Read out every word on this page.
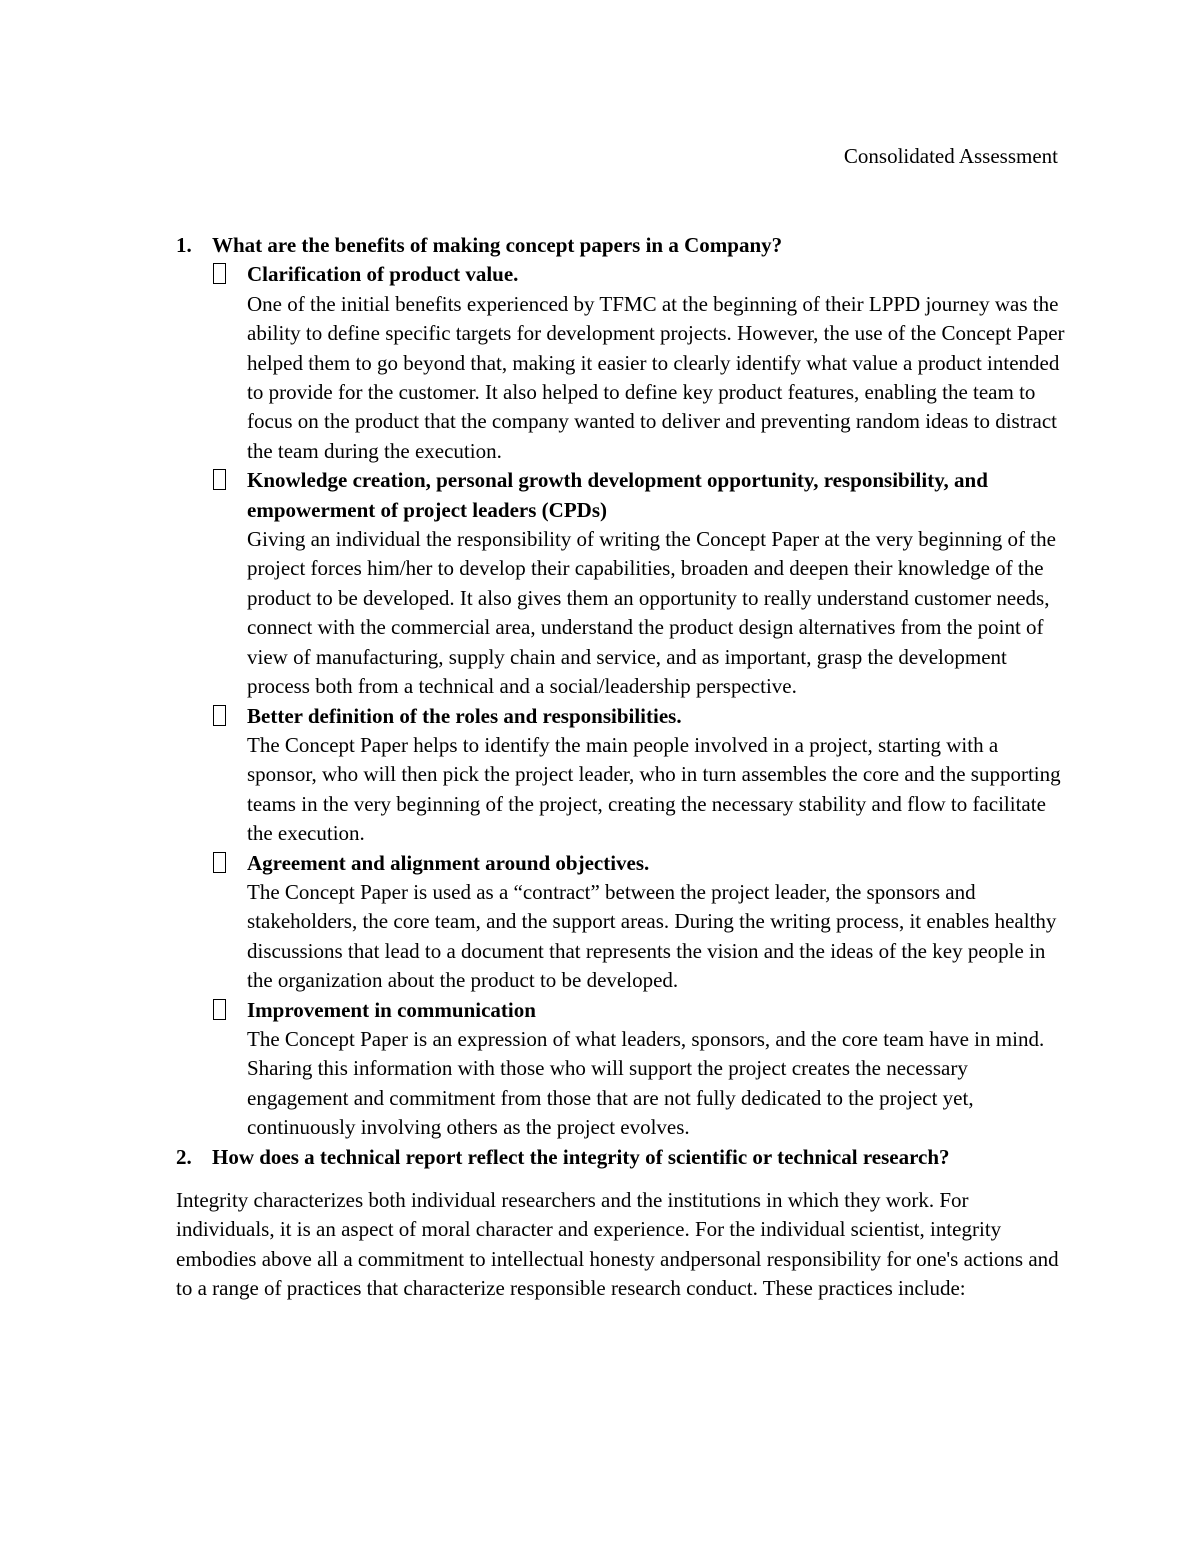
Consolidated Assessment
1. What are the benefits of making concept papers in a Company?
Clarification of product value.
One of the initial benefits experienced by TFMC at the beginning of their LPPD journey was the ability to define specific targets for development projects. However, the use of the Concept Paper helped them to go beyond that, making it easier to clearly identify what value a product intended to provide for the customer. It also helped to define key product features, enabling the team to focus on the product that the company wanted to deliver and preventing random ideas to distract the team during the execution.
Knowledge creation, personal growth development opportunity, responsibility, and empowerment of project leaders (CPDs)
Giving an individual the responsibility of writing the Concept Paper at the very beginning of the project forces him/her to develop their capabilities, broaden and deepen their knowledge of the product to be developed. It also gives them an opportunity to really understand customer needs, connect with the commercial area, understand the product design alternatives from the point of view of manufacturing, supply chain and service, and as important, grasp the development process both from a technical and a social/leadership perspective.
Better definition of the roles and responsibilities.
The Concept Paper helps to identify the main people involved in a project, starting with a sponsor, who will then pick the project leader, who in turn assembles the core and the supporting teams in the very beginning of the project, creating the necessary stability and flow to facilitate the execution.
Agreement and alignment around objectives.
The Concept Paper is used as a “contract” between the project leader, the sponsors and stakeholders, the core team, and the support areas. During the writing process, it enables healthy discussions that lead to a document that represents the vision and the ideas of the key people in the organization about the product to be developed.
Improvement in communication
The Concept Paper is an expression of what leaders, sponsors, and the core team have in mind. Sharing this information with those who will support the project creates the necessary engagement and commitment from those that are not fully dedicated to the project yet, continuously involving others as the project evolves.
2. How does a technical report reflect the integrity of scientific or technical research?
Integrity characterizes both individual researchers and the institutions in which they work. For individuals, it is an aspect of moral character and experience. For the individual scientist, integrity embodies above all a commitment to intellectual honesty andpersonal responsibility for one's actions and to a range of practices that characterize responsible research conduct. These practices include:
